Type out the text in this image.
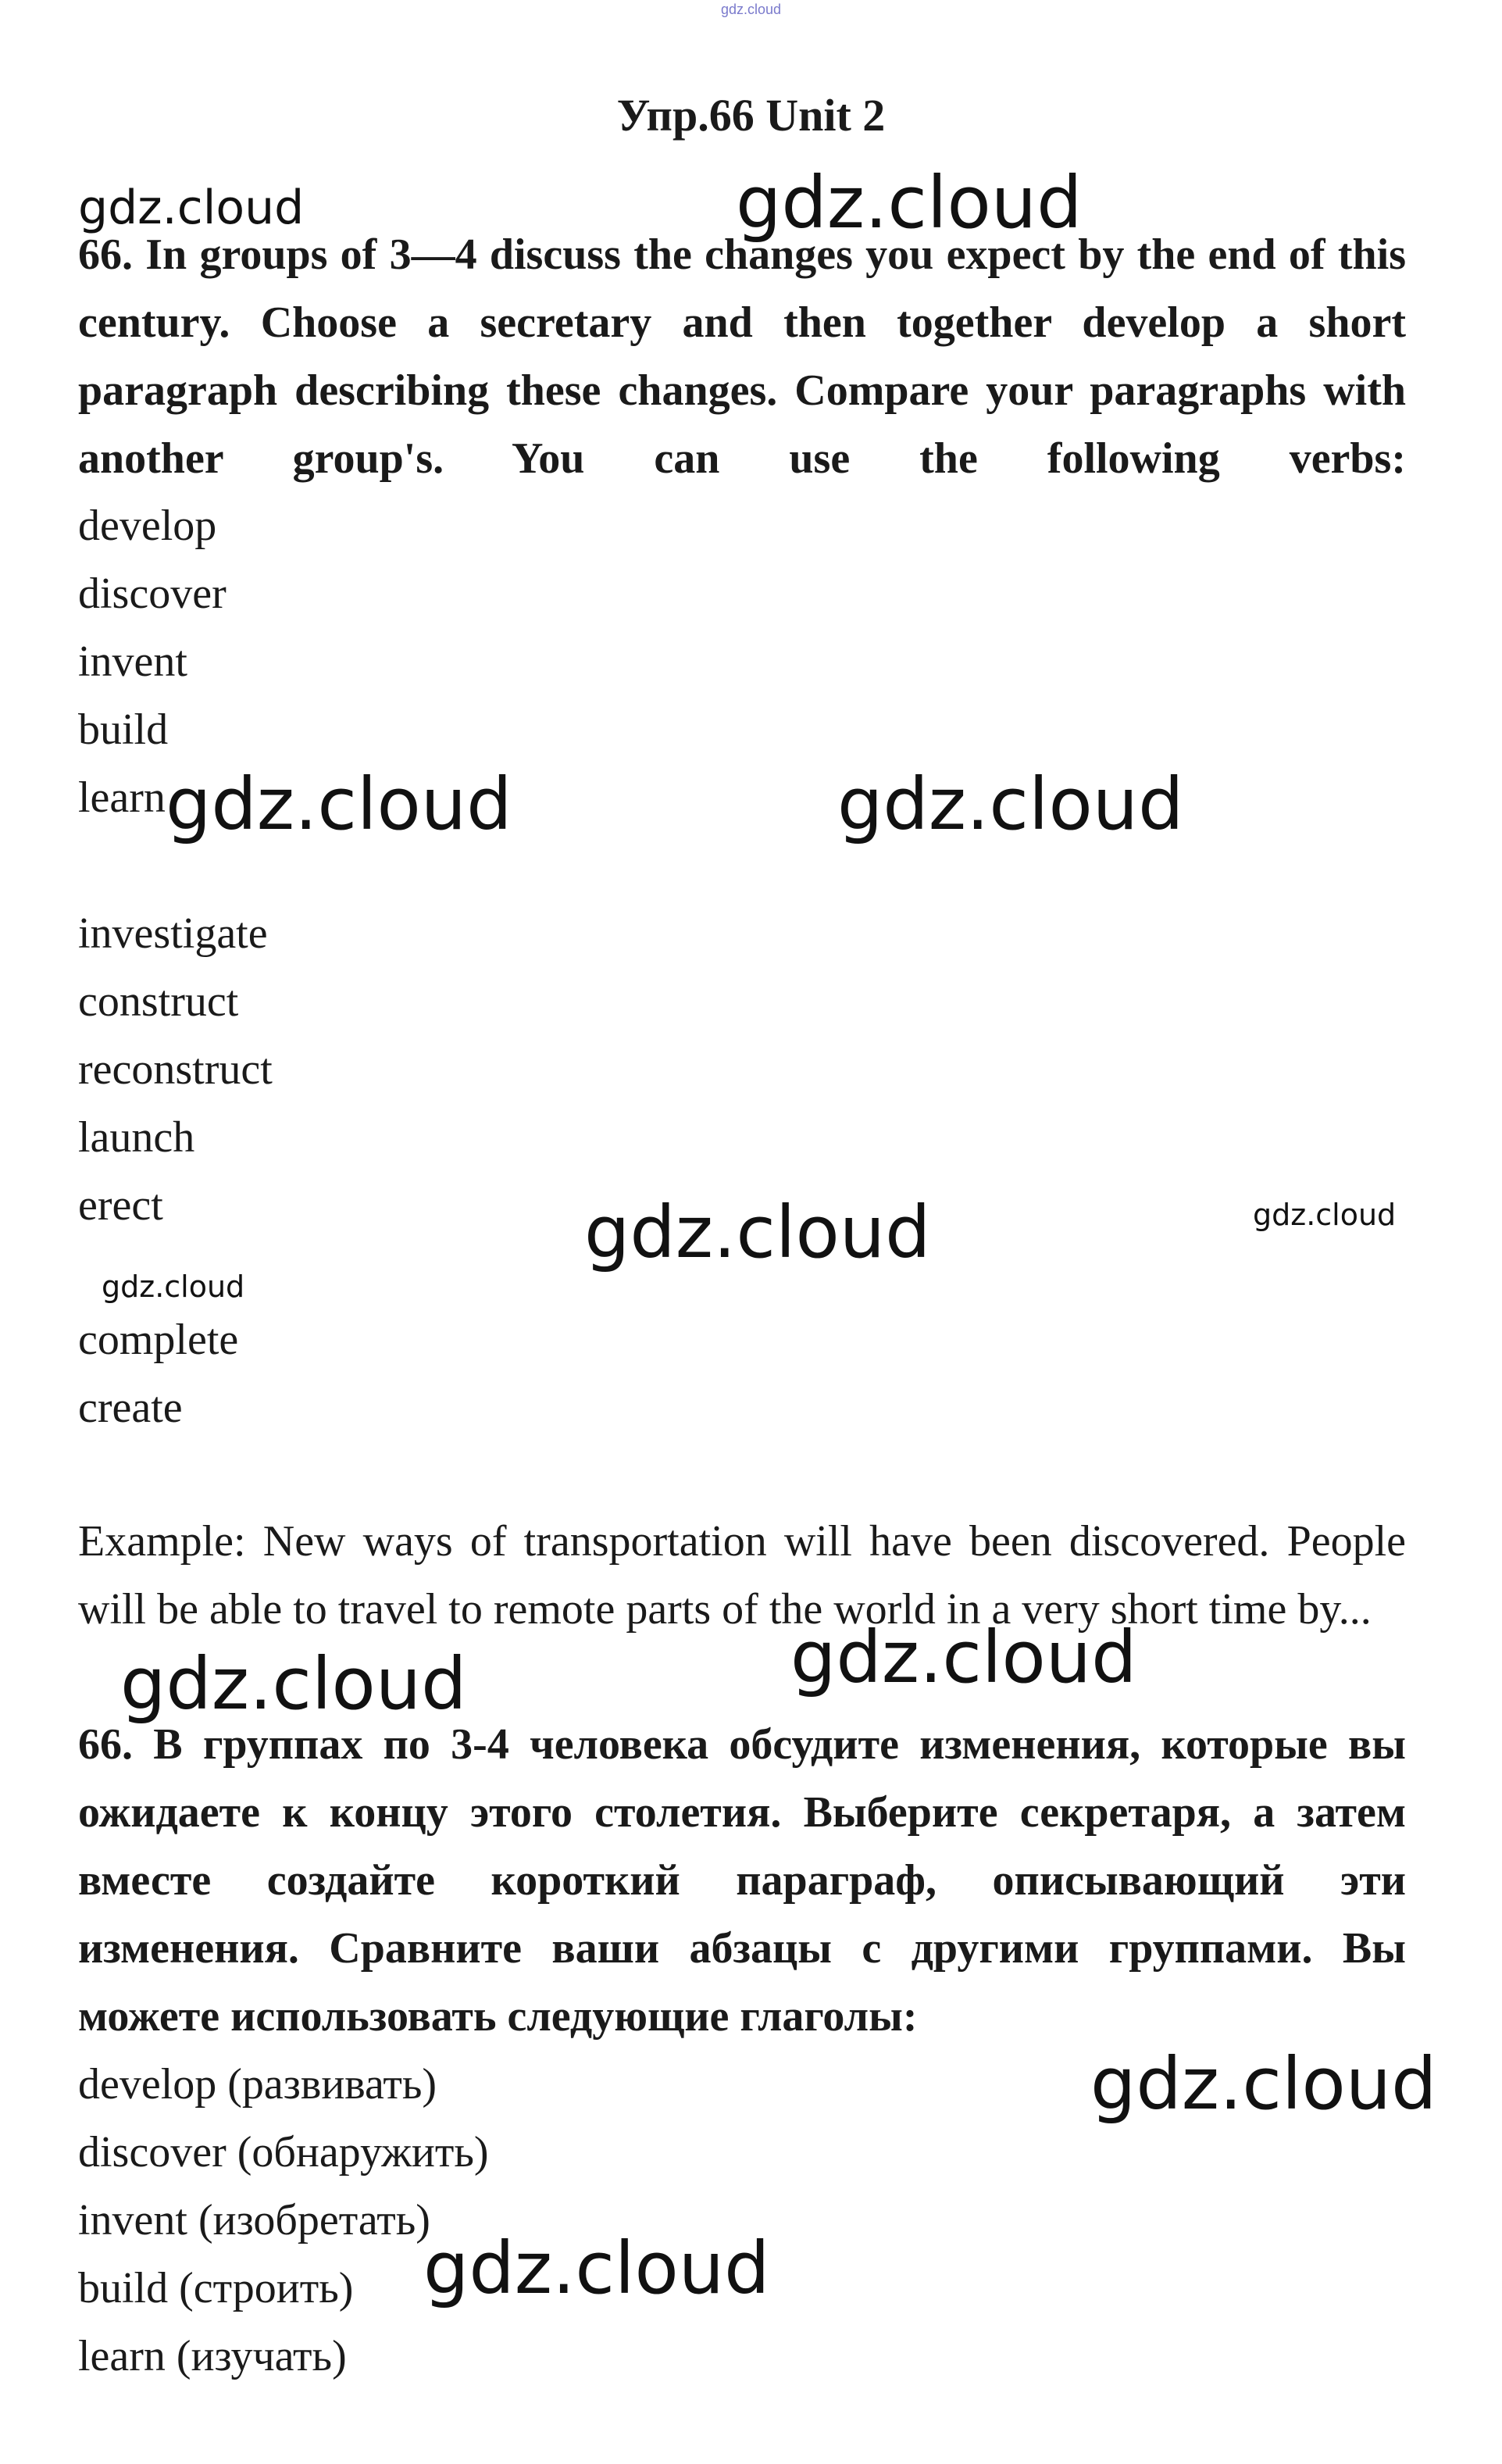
gdz.cloud
Упр.66 Unit 2
66. In groups of 3—4 discuss the changes you expect by the end of this
century. Choose a secretary and then together develop a short
paragraph describing these changes. Compare your paragraphs with
another group's. You can use the following verbs:
develop
discover
invent
build
learn
investigate
construct
reconstruct
launch
erect
complete
create
Example: New ways of transportation will have been discovered. People
will be able to travel to remote parts of the world in a very short time by...
66. В группах по 3-4 человека обсудите изменения, которые вы
ожидаете к концу этого столетия. Выберите секретаря, а затем
вместе создайте короткий параграф, описывающий эти
изменения. Сравните ваши абзацы с другими группами. Вы
можете использовать следующие глаголы:
develop (развивать)
discover (обнаружить)
invent (изобретать)
build (строить)
learn (изучать)
gdz.cloud	gdz.cloud
gdz.cloud	gdz.cloud
gdz.cloud	gdz.cloud
gdz.cloud
gdz.cloud
gdz.cloud
gdz.cloud
gdz.cloud
